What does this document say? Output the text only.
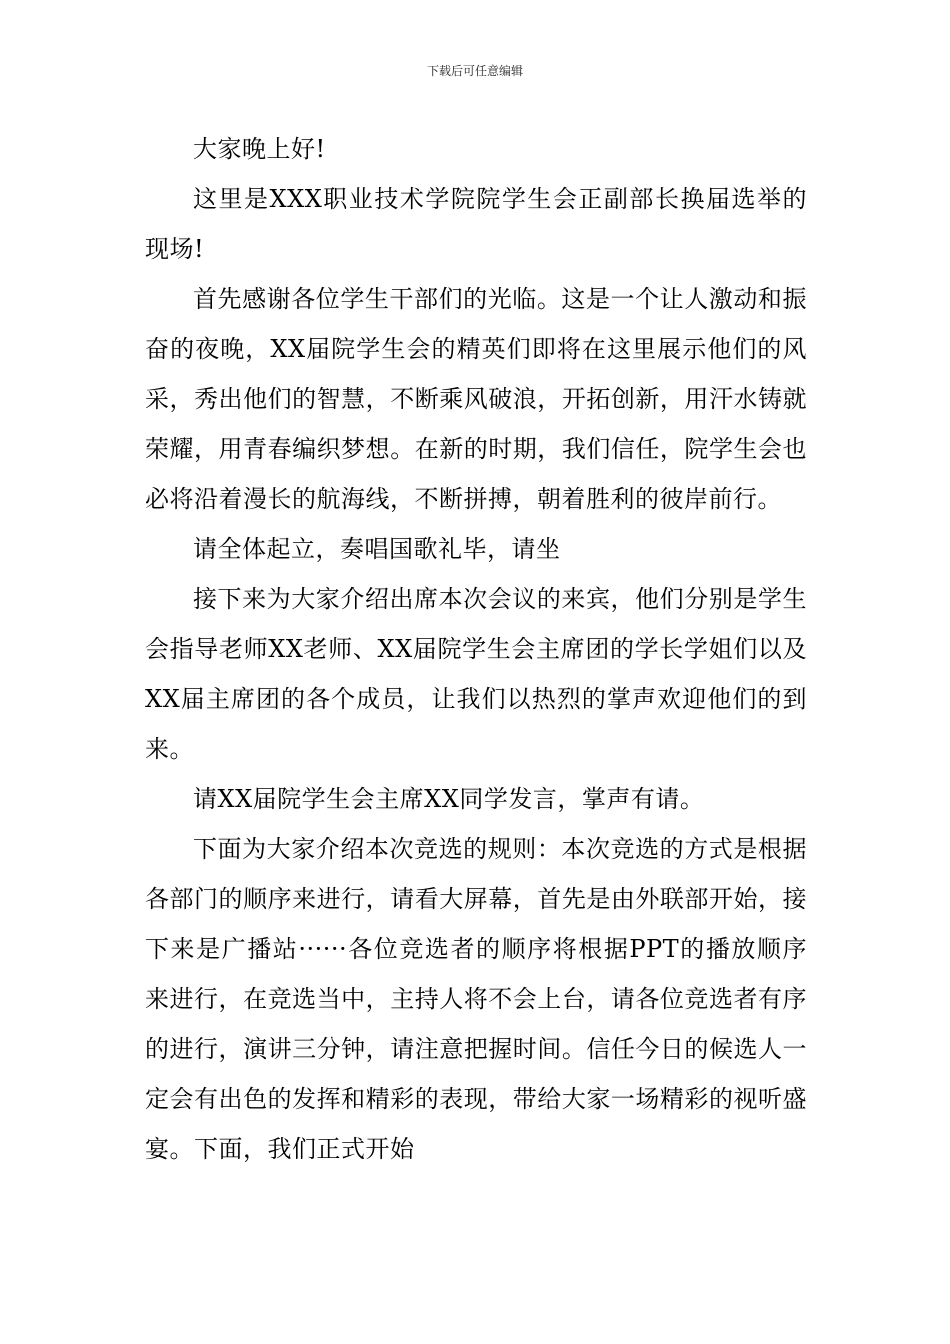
下载后可任意编辑

大家晚上好!

这里是XXX职业技术学院院学生会正副部长换届选举的现场!

首先感谢各位学生干部们的光临。这是一个让人激动和振奋的夜晚，XX届院学生会的精英们即将在这里展示他们的风采，秀出他们的智慧，不断乘风破浪，开拓创新，用汗水铸就荣耀，用青春编织梦想。在新的时期，我们信任，院学生会也必将沿着漫长的航海线，不断拼搏，朝着胜利的彼岸前行。

请全体起立，奏唱国歌礼毕，请坐

接下来为大家介绍出席本次会议的来宾，他们分别是学生会指导老师XX老师、XX届院学生会主席团的学长学姐们以及XX届主席团的各个成员，让我们以热烈的掌声欢迎他们的到来。

请XX届院学生会主席XX同学发言，掌声有请。

下面为大家介绍本次竞选的规则：本次竞选的方式是根据各部门的顺序来进行，请看大屏幕，首先是由外联部开始，接下来是广播站······各位竞选者的顺序将根据PPT的播放顺序来进行，在竞选当中，主持人将不会上台，请各位竞选者有序的进行，演讲三分钟，请注意把握时间。信任今日的候选人一定会有出色的发挥和精彩的表现，带给大家一场精彩的视听盛宴。下面，我们正式开始
